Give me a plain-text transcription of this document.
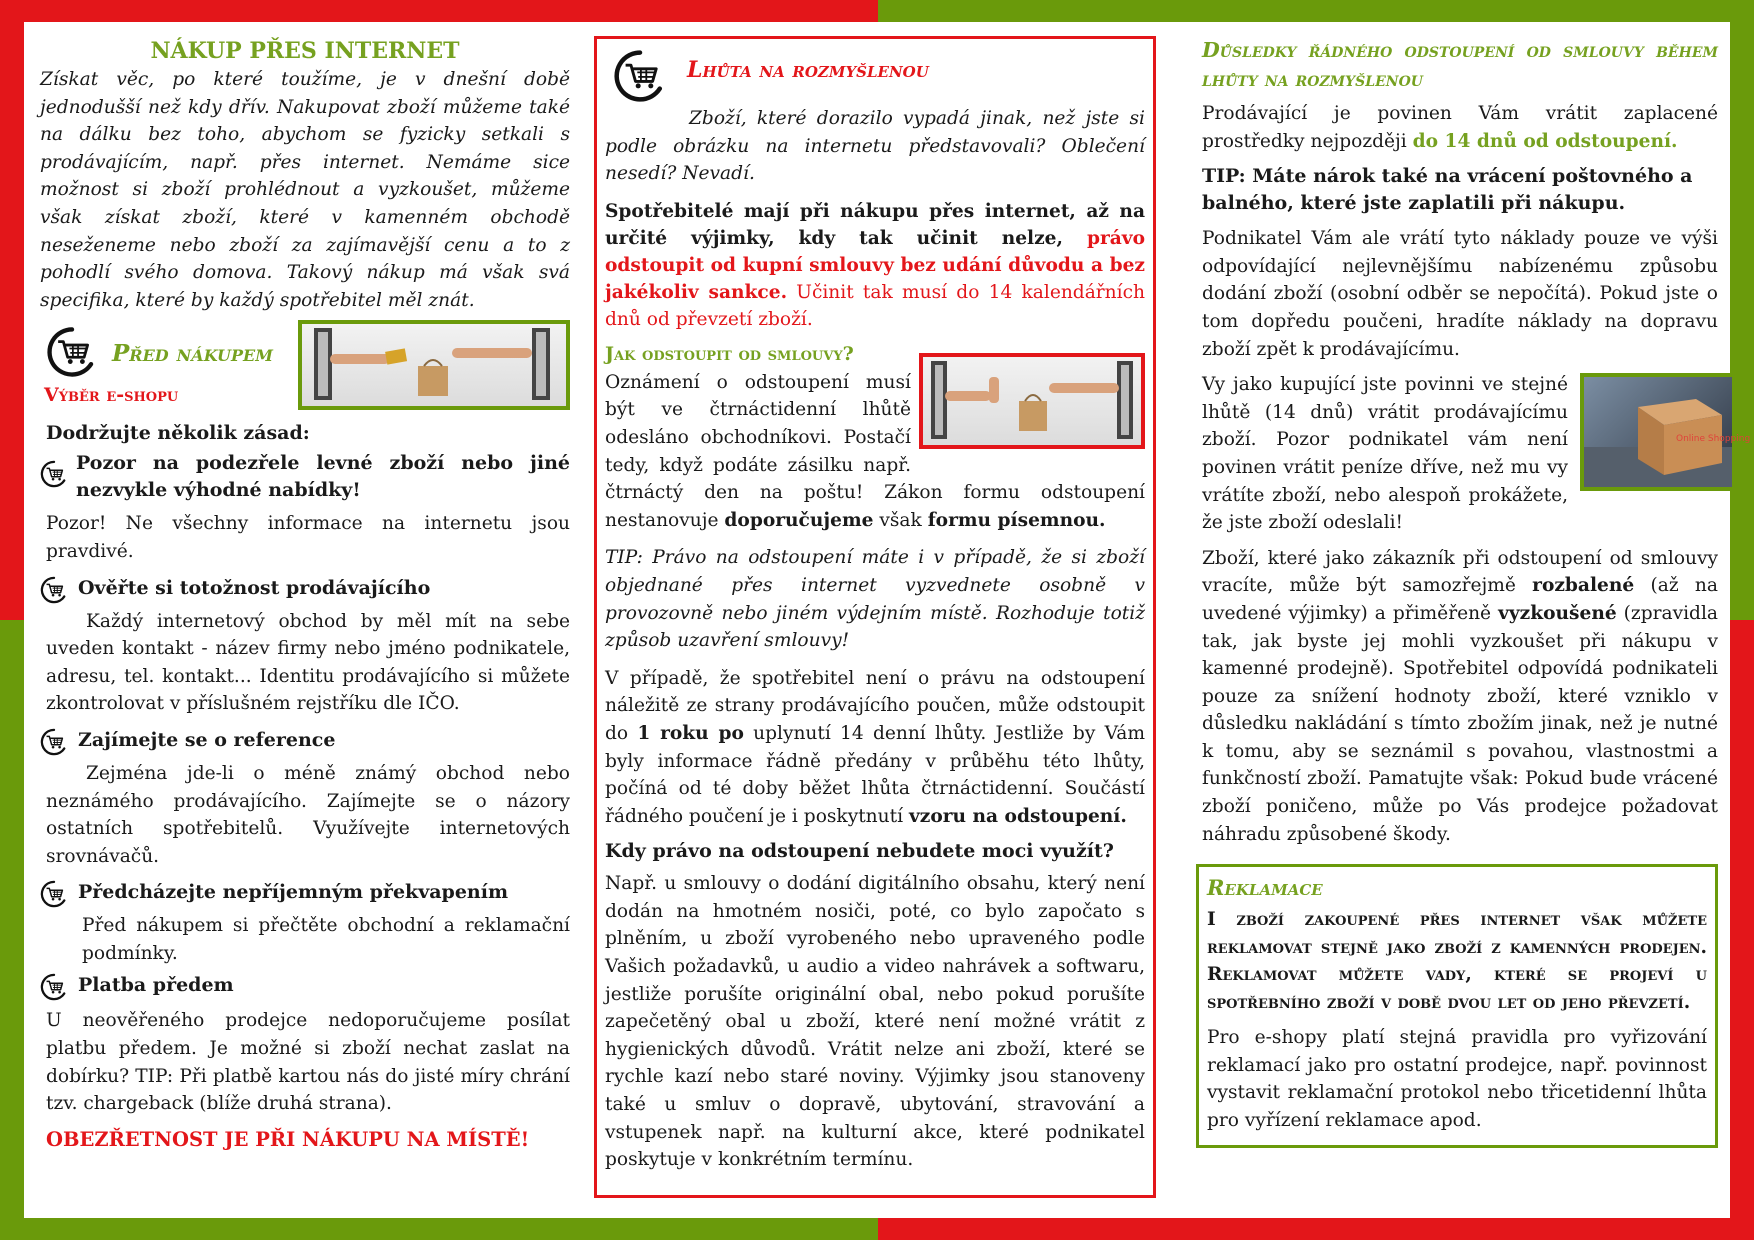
NÁKUP PŘES INTERNET

Získat věc, po které toužíme, je v dnešní době jednodušší než kdy dřív. Nakupovat zboží můžeme také na dálku bez toho, abychom se fyzicky setkali s prodávajícím, např. přes internet. Nemáme sice možnost si zboží prohlédnout a vyzkoušet, můžeme však získat zboží, které v kamenném obchodě neseženeme nebo zboží za zajímavější cenu a to z pohodlí svého domova. Takový nákup má však svá specifika, které by každý spotřebitel měl znát.

Před nákupem

Výběr e-shopu

Dodržujte několik zásad:

Pozor na podezřele levné zboží nebo jiné nezvykle výhodné nabídky!

Pozor! Ne všechny informace na internetu jsou pravdivé.

Ověřte si totožnost prodávajícího

Každý internetový obchod by měl mít na sebe uveden kontakt - název firmy nebo jméno podnikatele, adresu, tel. kontakt... Identitu prodávajícího si můžete zkontrolovat v příslušném rejstříku dle IČO.

Zajímejte se o reference

Zejména jde-li o méně známý obchod nebo neznámého prodávajícího. Zajímejte se o názory ostatních spotřebitelů. Využívejte internetových srovnávačů.

Předcházejte nepříjemným překvapením

Před nákupem si přečtěte obchodní a reklamační podmínky.

Platba předem

U neověřeného prodejce nedoporučujeme posílat platbu předem. Je možné si zboží nechat zaslat na dobírku? TIP: Při platbě kartou nás do jisté míry chrání tzv. chargeback (blíže druhá strana).

OBEZŘETNOST JE PŘI NÁKUPU NA MÍSTĚ!

Lhůta na rozmyšlenou

Zboží, které dorazilo vypadá jinak, než jste si podle obrázku na internetu představovali? Oblečení nesedí? Nevadí.

Spotřebitelé mají při nákupu přes internet, až na určité výjimky, kdy tak učinit nelze, právo odstoupit od kupní smlouvy bez udání důvodu a bez jakékoliv sankce. Učinit tak musí do 14 kalendářních dnů od převzetí zboží.

Jak odstoupit od smlouvy?

Oznámení o odstoupení musí být ve čtrnáctidenní lhůtě odesláno obchodníkovi. Postačí tedy, když podáte zásilku např. čtrnáctý den na poštu! Zákon formu odstoupení nestanovuje doporučujeme však formu písemnou.

TIP: Právo na odstoupení máte i v případě, že si zboží objednané přes internet vyzvednete osobně v provozovně nebo jiném výdejním místě. Rozhoduje totiž způsob uzavření smlouvy!

V případě, že spotřebitel není o právu na odstoupení náležitě ze strany prodávajícího poučen, může odstoupit do 1 roku po uplynutí 14 denní lhůty. Jestliže by Vám byly informace řádně předány v průběhu této lhůty, počíná od té doby běžet lhůta čtrnáctidenní. Součástí řádného poučení je i poskytnutí vzoru na odstoupení.

Kdy právo na odstoupení nebudete moci využít?

Např. u smlouvy o dodání digitálního obsahu, který není dodán na hmotném nosiči, poté, co bylo započato s plněním, u zboží vyrobeného nebo upraveného podle Vašich požadavků, u audio a video nahrávek a softwaru, jestliže porušíte originální obal, nebo pokud porušíte zapečetěný obal u zboží, které není možné vrátit z hygienických důvodů. Vrátit nelze ani zboží, které se rychle kazí nebo staré noviny. Výjimky jsou stanoveny také u smluv o dopravě, ubytování, stravování a vstupenek např. na kulturní akce, které podnikatel poskytuje v konkrétním termínu.

Důsledky řádného odstoupení od smlouvy během lhůty na rozmyšlenou

Prodávající je povinen Vám vrátit zaplacené prostředky nejpozději do 14 dnů od odstoupení.

TIP: Máte nárok také na vrácení poštovného a balného, které jste zaplatili při nákupu.

Podnikatel Vám ale vrátí tyto náklady pouze ve výši odpovídající nejlevnějšímu nabízenému způsobu dodání zboží (osobní odběr se nepočítá). Pokud jste o tom dopředu poučeni, hradíte náklady na dopravu zboží zpět k prodávajícímu.

Online Shopping

Vy jako kupující jste povinni ve stejné lhůtě (14 dnů) vrátit prodávajícímu zboží. Pozor podnikatel vám není povinen vrátit peníze dříve, než mu vy vrátíte zboží, nebo alespoň prokážete, že jste zboží odeslali!

Zboží, které jako zákazník při odstoupení od smlouvy vracíte, může být samozřejmě rozbalené (až na uvedené výjimky) a přiměřeně vyzkoušené (zpravidla tak, jak byste jej mohli vyzkoušet při nákupu v kamenné prodejně). Spotřebitel odpovídá podnikateli pouze za snížení hodnoty zboží, které vzniklo v důsledku nakládání s tímto zbožím jinak, než je nutné k tomu, aby se seznámil s povahou, vlastnostmi a funkčností zboží. Pamatujte však: Pokud bude vrácené zboží poničeno, může po Vás prodejce požadovat náhradu způsobené škody.

Reklamace

I zboží zakoupené přes internet však můžete reklamovat stejně jako zboží z kamenných prodejen. Reklamovat můžete vady, které se projeví u spotřebního zboží v době dvou let od jeho převzetí.

Pro e-shopy platí stejná pravidla pro vyřizování reklamací jako pro ostatní prodejce, např. povinnost vystavit reklamační protokol nebo třicetidenní lhůta pro vyřízení reklamace apod.
